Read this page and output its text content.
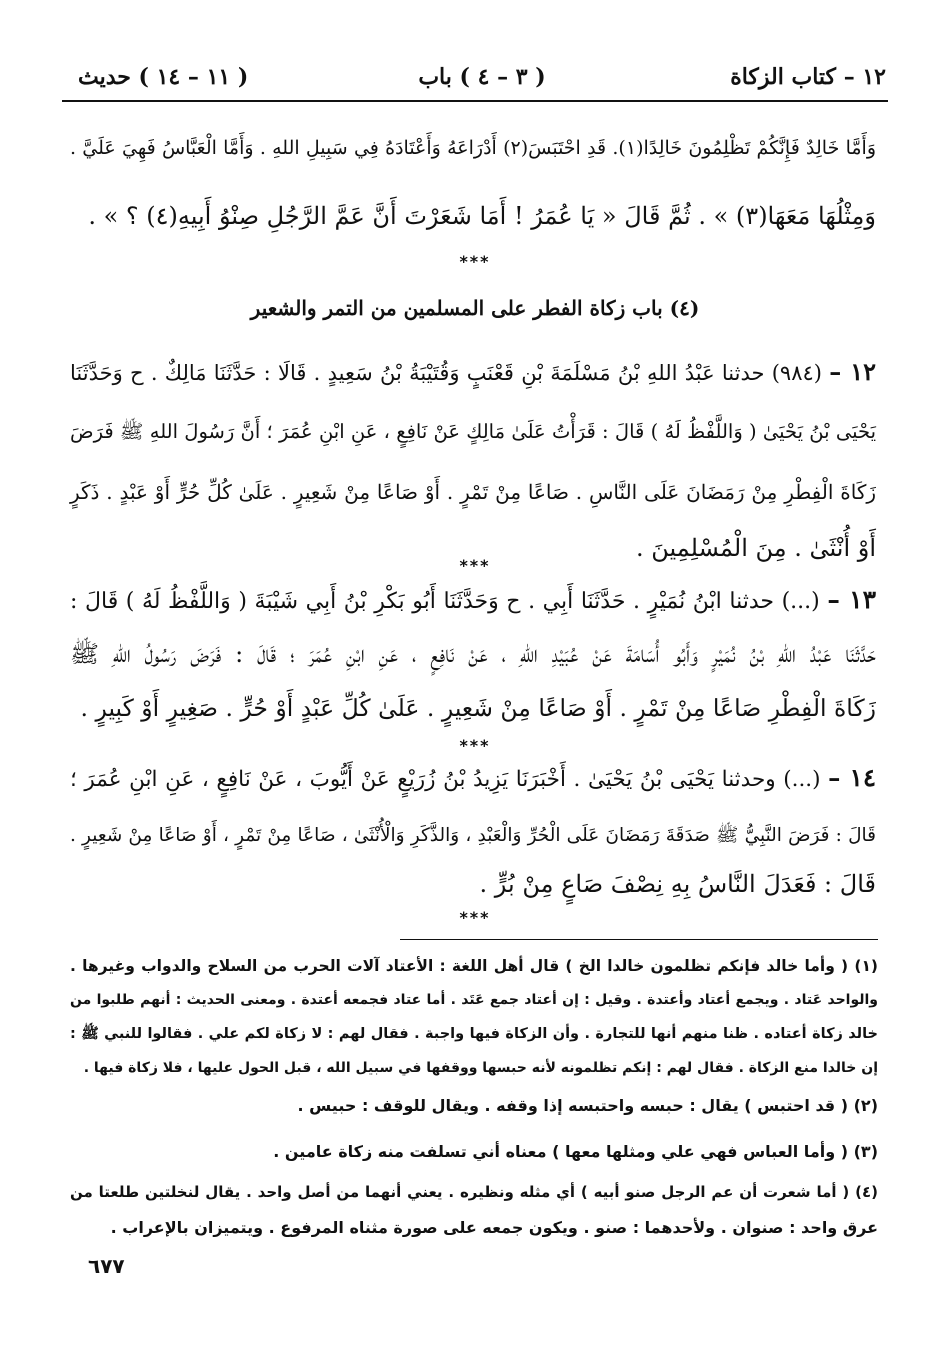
١٢ – كتاب الزكاة
( ٣ – ٤ ) باب
( ١١ – ١٤ ) حديث
وَأَمَّا خَالِدٌ فَإِنَّكُمْ تَظْلِمُونَ خَالِدًا(١). قَدِ احْتَبَسَ(٢) أَدْرَاعَهُ وَأَعْتَادَهُ فِي سَبِيلِ اللهِ . وَأَمَّا الْعَبَّاسُ فَهِيَ عَلَيَّ .
وَمِثْلُهَا مَعَهَا(٣) » . ثُمَّ قَالَ « يَا عُمَرُ ! أَمَا شَعَرْتَ أَنَّ عَمَّ الرَّجُلِ صِنْوُ أَبِيهِ(٤) ؟ » .
***
(٤) باب زكاة الفطر على المسلمين من التمر والشعير
١٢ – (٩٨٤) حدثنا عَبْدُ اللهِ بْنُ مَسْلَمَةَ بْنِ قَعْنَبٍ وَقُتَيْبَةُ بْنُ سَعِيدٍ . قَالَا : حَدَّثَنَا مَالِكٌ . ح وَحَدَّثَنَا
يَحْيَى بْنُ يَحْيَىٰ ( وَاللَّفْظُ لَهُ ) قَالَ : قَرَأْتُ عَلَىٰ مَالِكٍ عَنْ نَافِعٍ ، عَنِ ابْنِ عُمَرَ ؛ أَنَّ رَسُولَ اللهِ ﷺ فَرَضَ
زَكَاةَ الْفِطْرِ مِنْ رَمَضَانَ عَلَى النَّاسِ . صَاعًا مِنْ تَمْرٍ . أَوْ صَاعًا مِنْ شَعِيرٍ . عَلَىٰ كُلِّ حُرٍّ أَوْ عَبْدٍ . ذَكَرٍ
أَوْ أُنْثَىٰ . مِنَ الْمُسْلِمِينَ .
***
١٣ – (...) حدثنا ابْنُ نُمَيْرٍ . حَدَّثَنَا أَبِي . ح وَحَدَّثَنَا أَبُو بَكْرِ بْنُ أَبِي شَيْبَةَ ( وَاللَّفْظُ لَهُ ) قَالَ :
حَدَّثَنَا عَبْدُ اللهِ بْنُ نُمَيْرٍ وَأَبُو أُسَامَةَ عَنْ عُبَيْدِ اللهِ ، عَنْ نَافِعٍ ، عَنِ ابْنِ عُمَرَ ؛ قَالَ : فَرَضَ رَسُولُ اللهِ ﷺ
زَكَاةَ الْفِطْرِ صَاعًا مِنْ تَمْرٍ . أَوْ صَاعًا مِنْ شَعِيرٍ . عَلَىٰ كُلِّ عَبْدٍ أَوْ حُرٍّ . صَغِيرٍ أَوْ كَبِيرٍ .
***
١٤ – (...) وحدثنا يَحْيَى بْنُ يَحْيَىٰ . أَخْبَرَنَا يَزِيدُ بْنُ زُرَيْعٍ عَنْ أَيُّوبَ ، عَنْ نَافِعٍ ، عَنِ ابْنِ عُمَرَ ؛
قَالَ : فَرَضَ النَّبِيُّ ﷺ صَدَقَةَ رَمَضَانَ عَلَى الْحُرِّ وَالْعَبْدِ ، وَالذَّكَرِ وَالْأُنْثَىٰ ، صَاعًا مِنْ تَمْرٍ ، أَوْ صَاعًا مِنْ شَعِيرٍ .
قَالَ : فَعَدَلَ النَّاسُ بِهِ نِصْفَ صَاعٍ مِنْ بُرٍّ .
***
(١) ( وأما خالد فإنكم تظلمون خالدا الخ ) قال أهل اللغة : الأعتاد آلات الحرب من السلاح والدواب وغيرها .
والواحد عَتاد . ويجمع أعتاد وأعتدة . وقيل : إن أعتاد جمع عَتَد . أما عتاد فجمعه أعتدة . ومعنى الحديث : أنهم طلبوا من
خالد زكاة أعتاده . ظنا منهم أنها للتجارة . وأن الزكاة فيها واجبة . فقال لهم : لا زكاة لكم علي . فقالوا للنبي ﷺ :
إن خالدا منع الزكاة . فقال لهم : إنكم تظلمونه لأنه حبسها ووقفها في سبيل الله ، قبل الحول عليها ، فلا زكاة فيها .
(٢) ( قد احتبس ) يقال : حبسه واحتبسه إذا وقفه . ويقال للوقف : حبيس .
(٣) ( وأما العباس فهي علي ومثلها معها ) معناه أني تسلفت منه زكاة عامين .
(٤) ( أما شعرت أن عم الرجل صنو أبيه ) أي مثله ونظيره . يعني أنهما من أصل واحد . يقال لنخلتين طلعتا من
عرق واحد : صنوان . ولأحدهما : صنو . ويكون جمعه على صورة مثناه المرفوع . ويتميزان بالإعراب .
٦٧٧
